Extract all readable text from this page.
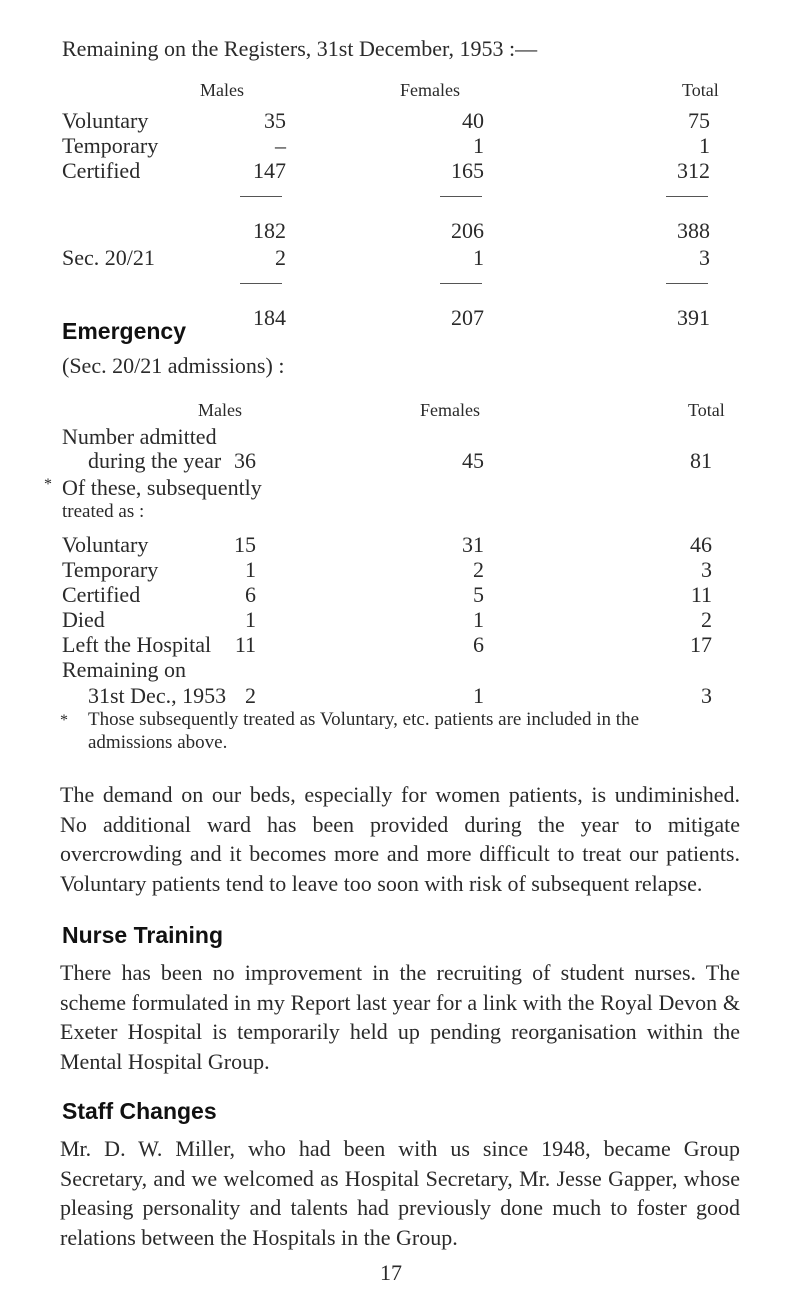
Remaining on the Registers, 31st December, 1953 :—
Males	Females	Total
Voluntary	35	40	75
Temporary	–	1	1
Certified	147	165	312
182	206	388
Sec. 20/21	2	1	3
184	207	391
Emergency
(Sec. 20/21 admissions) :
Males	Females	Total
Number admitted
during the year 36	45	81
* Of these, subsequently
treated as :
Voluntary	15	31	46
Temporary	1	2	3
Certified	6	5	11
Died	1	1	2
Left the Hospital	11	6	17
Remaining on
31st Dec., 1953 2	1	3
* Those subsequently treated as Voluntary, etc. patients are included in the
admissions above.
The demand on our beds, especially for women patients, is undiminished. No additional ward has been provided during the year to mitigate overcrowding and it becomes more and more difficult to treat our patients. Voluntary patients tend to leave too soon with risk of subsequent relapse.
Nurse Training
There has been no improvement in the recruiting of student nurses. The scheme formulated in my Report last year for a link with the Royal Devon & Exeter Hospital is temporarily held up pending reorganisation within the Mental Hospital Group.
Staff Changes
Mr. D. W. Miller, who had been with us since 1948, became Group Secretary, and we welcomed as Hospital Secretary, Mr. Jesse Gapper, whose pleasing personality and talents had previously done much to foster good relations between the Hospitals in the Group.
17
